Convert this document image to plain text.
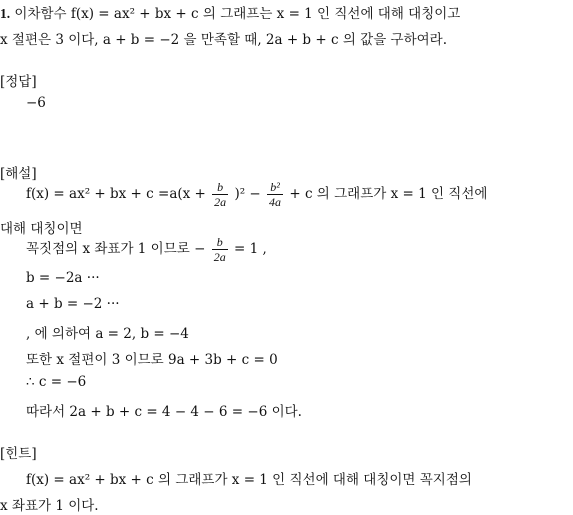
1. 이차함수 f(x) = ax² + bx + c 의 그래프는 x = 1 인 직선에 대해 대칭이고
x 절편은 3 이다, a + b = −2 을 만족할 때, 2a + b + c 의 값을 구하여라.
[정답]
−6
[해설]
f(x) = ax² + bx + $c =a(x + \frac{b}{2a} )^2 - \frac{\text{b²}}{4a} + c$ 의 그래프가 x = 1 인 직선에
대해 대칭이면
꼭짓점의 x 좌표가 1 이므로 − $\frac{b}{2a} = 1$ ,
b = −2a ···
a + b = −2 ···
, 에 의하여 a = 2, b = −4
또한 x 절편이 3 이므로 9a + 3b + c = 0
∴ c = −6
따라서 2a + b + c = 4 − 4 − 6 = −6 이다.
[힌트]
f(x) = ax² + bx + c 의 그래프가 x = 1 인 직선에 대해 대칭이면 꼭지점의
x 좌표가 1 이다.
